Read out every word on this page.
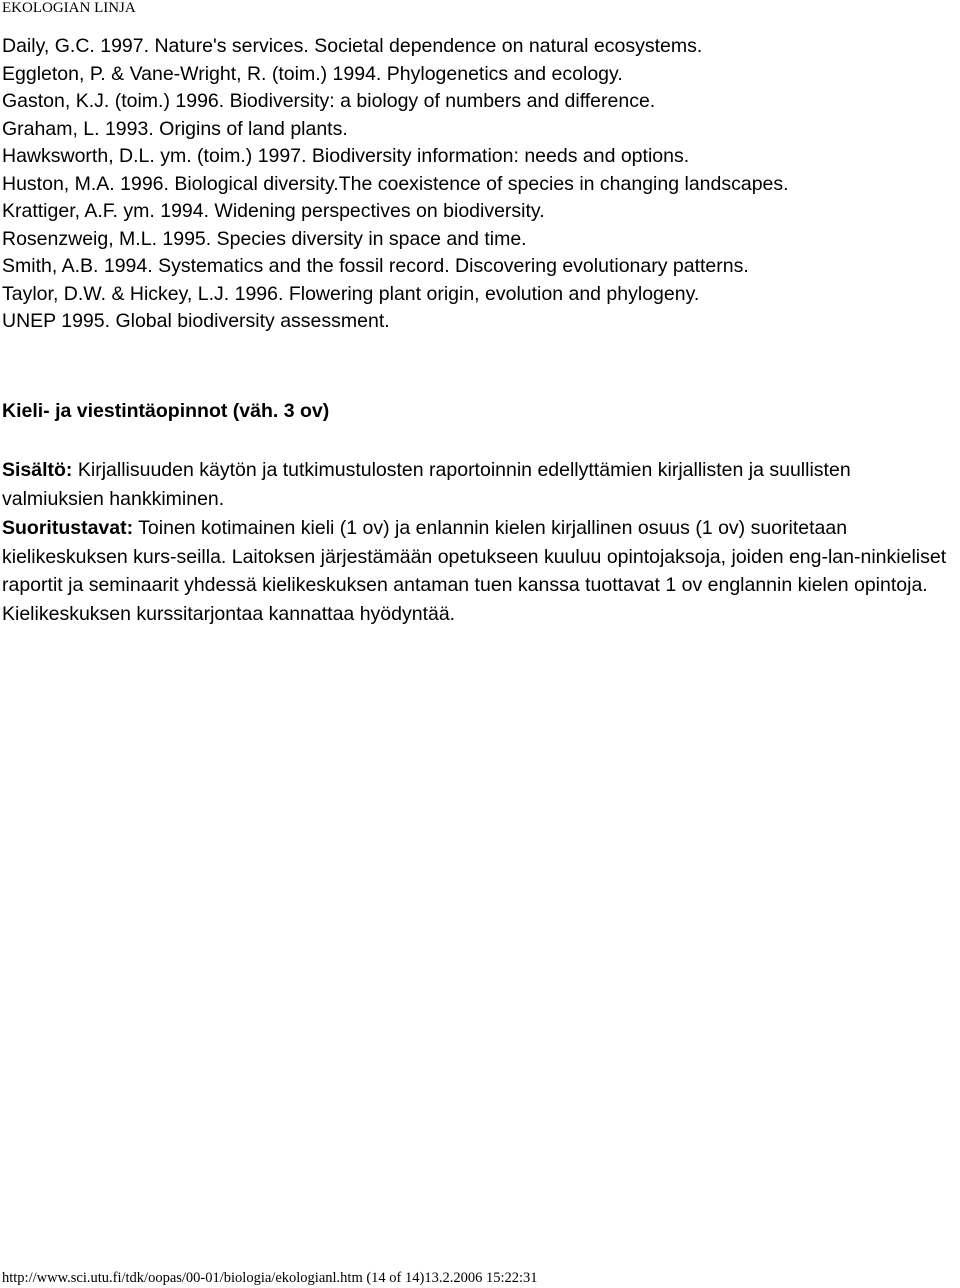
EKOLOGIAN LINJA
Daily, G.C. 1997. Nature's services. Societal dependence on natural ecosystems.
Eggleton, P. & Vane-Wright, R. (toim.) 1994. Phylogenetics and ecology.
Gaston, K.J. (toim.) 1996. Biodiversity: a biology of numbers and difference.
Graham, L. 1993. Origins of land plants.
Hawksworth, D.L. ym. (toim.) 1997. Biodiversity information: needs and options.
Huston, M.A. 1996. Biological diversity.The coexistence of species in changing landscapes.
Krattiger, A.F. ym. 1994. Widening perspectives on biodiversity.
Rosenzweig, M.L. 1995. Species diversity in space and time.
Smith, A.B. 1994. Systematics and the fossil record. Discovering evolutionary patterns.
Taylor, D.W. & Hickey, L.J. 1996. Flowering plant origin, evolution and phylogeny.
UNEP 1995. Global biodiversity assessment.
Kieli- ja viestintäopinnot (väh. 3 ov)

Sisältö: Kirjallisuuden käytön ja tutkimustulosten raportoinnin edellyttämien kirjallisten ja suullisten valmiuksien hankkiminen.

Suoritustavat: Toinen kotimainen kieli (1 ov) ja enlannin kielen kirjallinen osuus (1 ov) suoritetaan kielikeskuksen kurs-seilla. Laitoksen järjestämään opetukseen kuuluu opintojaksoja, joiden eng-lan-ninkieliset raportit ja seminaarit yhdessä kielikeskuksen antaman tuen kanssa tuottavat 1 ov englannin kielen opintoja. Kielikeskuksen kurssitarjontaa kannattaa hyödyntää.

http://www.sci.utu.fi/tdk/oopas/00-01/biologia/ekologianl.htm (14 of 14)13.2.2006 15:22:31
